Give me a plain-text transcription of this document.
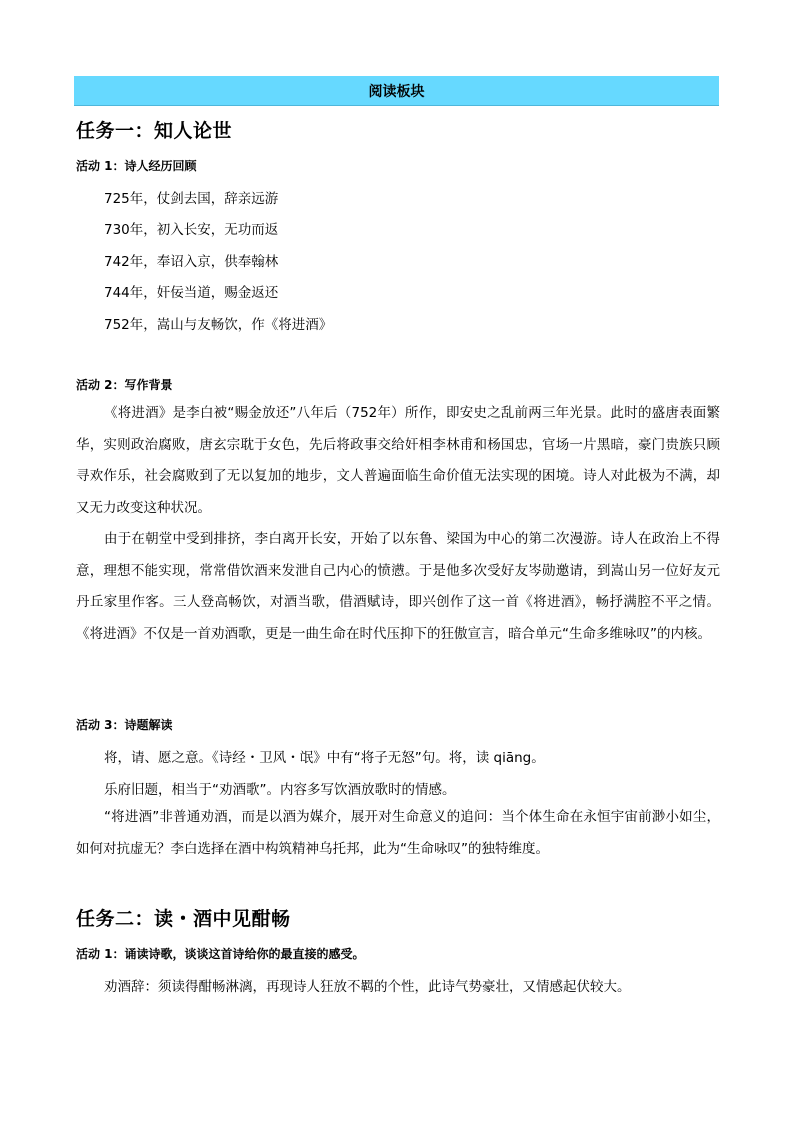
阅读板块
任务一：知人论世
活动 1：诗人经历回顾
725年，仗剑去国，辞亲远游
730年，初入长安，无功而返
742年，奉诏入京，供奉翰林
744年，奸佞当道，赐金返还
752年，嵩山与友畅饮，作《将进酒》
活动 2：写作背景
《将进酒》是李白被“赐金放还”八年后（752年）所作，即安史之乱前两三年光景。此时的盛唐表面繁华，实则政治腐败，唐玄宗耽于女色，先后将政事交给奸相李林甫和杨国忠，官场一片黑暗，豪门贵族只顾寻欢作乐，社会腐败到了无以复加的地步，文人普遍面临生命价值无法实现的困境。诗人对此极为不满，却又无力改变这种状况。
由于在朝堂中受到排挤，李白离开长安，开始了以东鲁、梁国为中心的第二次漫游。诗人在政治上不得意，理想不能实现，常常借饮酒来发泄自己内心的愤懑。于是他多次受好友岑勋邀请，到嵩山另一位好友元丹丘家里作客。三人登高畅饮，对酒当歌，借酒赋诗，即兴创作了这一首《将进酒》，畅抒满腔不平之情。《将进酒》不仅是一首劝酒歌，更是一曲生命在时代压抑下的狂傲宣言，暗合单元“生命多维咏叹”的内核。
活动 3：诗题解读
将，请、愿之意。《诗经・卫风・氓》中有“将子无怒”句。将，读 qiāng。
乐府旧题，相当于“劝酒歌”。内容多写饮酒放歌时的情感。
“将进酒”非普通劝酒，而是以酒为媒介，展开对生命意义的追问：当个体生命在永恒宇宙前渺小如尘，如何对抗虚无？李白选择在酒中构筑精神乌托邦，此为“生命咏叹”的独特维度。
任务二：读・酒中见酣畅
活动 1：诵读诗歌，谈谈这首诗给你的最直接的感受。
劝酒辞：须读得酣畅淋漓，再现诗人狂放不羁的个性，此诗气势豪壮，又情感起伏较大。
